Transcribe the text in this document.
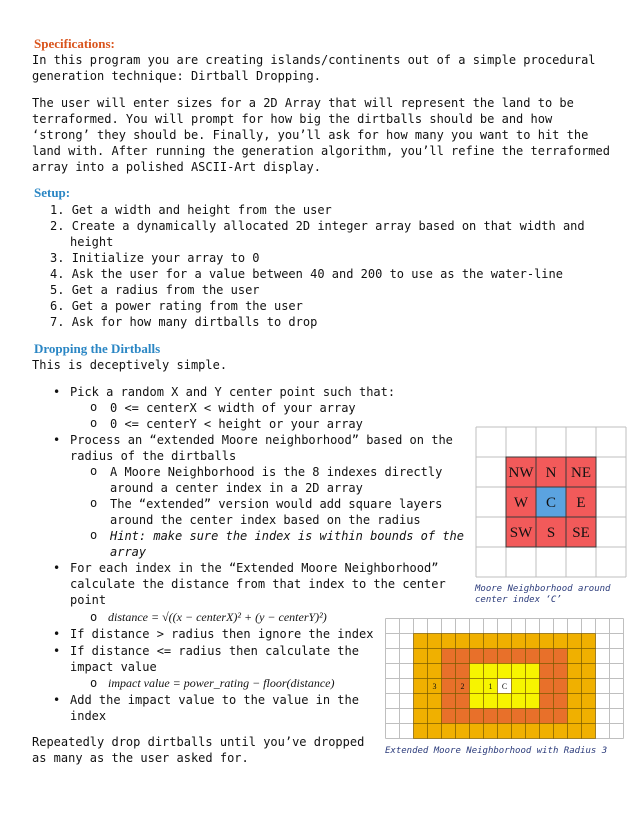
Specifications:
In this program you are creating islands/continents out of a simple procedural
generation technique: Dirtball Dropping.
The user will enter sizes for a 2D Array that will represent the land to be
terraformed. You will prompt for how big the dirtballs should be and how
‘strong’ they should be. Finally, you’ll ask for how many you want to hit the
land with. After running the generation algorithm, you’ll refine the terraformed
array into a polished ASCII-Art display.
Setup:
1. Get a width and height from the user
2. Create a dynamically allocated 2D integer array based on that width and
height
3. Initialize your array to 0
4. Ask the user for a value between 40 and 200 to use as the water-line
5. Get a radius from the user
6. Get a power rating from the user
7. Ask for how many dirtballs to drop
Dropping the Dirtballs
This is deceptively simple.
• Pick a random X and Y center point such that:
o 0 <= centerX < width of your array
o 0 <= centerY < height or your array
• Process an “extended Moore neighborhood” based on the
radius of the dirtballs
o A Moore Neighborhood is the 8 indexes directly
around a center index in a 2D array
o The “extended” version would add square layers
around the center index based on the radius
o Hint: make sure the index is within bounds of the
array
• For each index in the “Extended Moore Neighborhood”
calculate the distance from that index to the center
point
o distance = √((x − centerX)² + (y − centerY)²)
• If distance > radius then ignore the index
• If distance <= radius then calculate the
impact value
o impact value = power_rating − floor(distance)
• Add the impact value to the value in the
index
Repeatedly drop dirtballs until you’ve dropped
as many as the user asked for.
NW N NE
W C E
SW S SE
Moore Neighborhood around
center index ‘C’
3	2	1 C
Extended Moore Neighborhood with Radius 3
